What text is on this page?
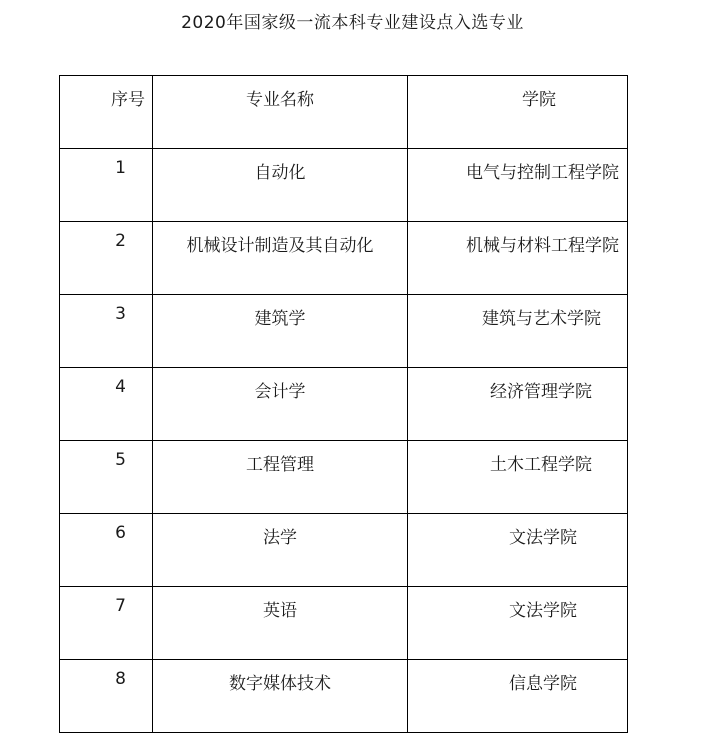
2020年国家级一流本科专业建设点入选专业
序号	专业名称	学院
1	自动化	电气与控制工程学院
2	机械设计制造及其自动化	机械与材料工程学院
3	建筑学	建筑与艺术学院
4	会计学	经济管理学院
5	工程管理	土木工程学院
6	法学	文法学院
7	英语	文法学院
8	数字媒体技术	信息学院
